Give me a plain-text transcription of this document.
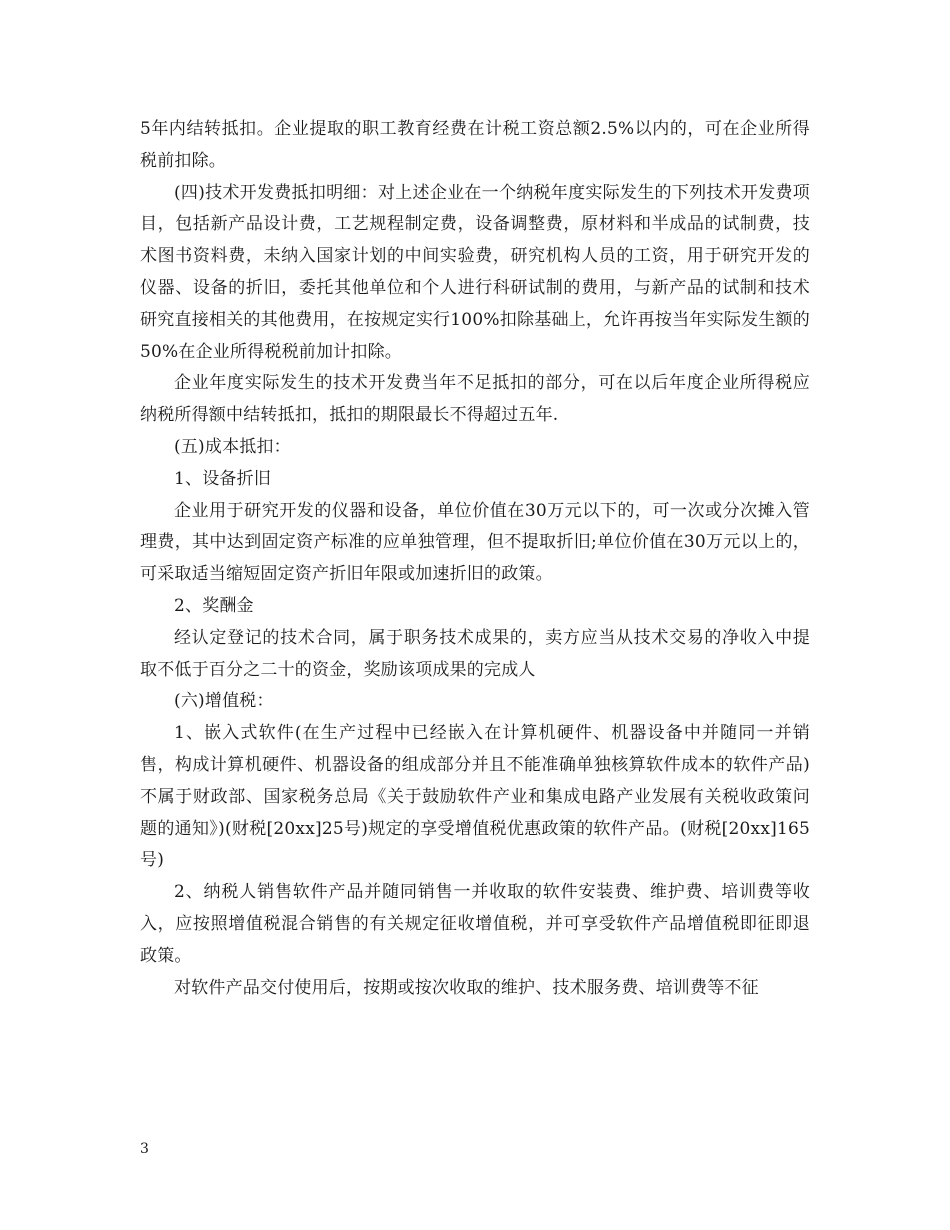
5年内结转抵扣。企业提取的职工教育经费在计税工资总额2.5%以内的，可在企业所得税前扣除。

(四)技术开发费抵扣明细：对上述企业在一个纳税年度实际发生的下列技术开发费项目，包括新产品设计费，工艺规程制定费，设备调整费，原材料和半成品的试制费，技术图书资料费，未纳入国家计划的中间实验费，研究机构人员的工资，用于研究开发的仪器、设备的折旧，委托其他单位和个人进行科研试制的费用，与新产品的试制和技术研究直接相关的其他费用，在按规定实行100%扣除基础上，允许再按当年实际发生额的50%在企业所得税税前加计扣除。

企业年度实际发生的技术开发费当年不足抵扣的部分，可在以后年度企业所得税应纳税所得额中结转抵扣，抵扣的期限最长不得超过五年.

(五)成本抵扣：

1、设备折旧

企业用于研究开发的仪器和设备，单位价值在30万元以下的，可一次或分次摊入管理费，其中达到固定资产标准的应单独管理，但不提取折旧;单位价值在30万元以上的，可采取适当缩短固定资产折旧年限或加速折旧的政策。

2、奖酬金

经认定登记的技术合同，属于职务技术成果的，卖方应当从技术交易的净收入中提取不低于百分之二十的资金，奖励该项成果的完成人

(六)增值税：

1、嵌入式软件(在生产过程中已经嵌入在计算机硬件、机器设备中并随同一并销售，构成计算机硬件、机器设备的组成部分并且不能准确单独核算软件成本的软件产品)不属于财政部、国家税务总局《关于鼓励软件产业和集成电路产业发展有关税收政策问题的通知》)(财税[20xx]25号)规定的享受增值税优惠政策的软件产品。(财税[20xx]165号)

2、纳税人销售软件产品并随同销售一并收取的软件安装费、维护费、培训费等收入，应按照增值税混合销售的有关规定征收增值税，并可享受软件产品增值税即征即退政策。

对软件产品交付使用后，按期或按次收取的维护、技术服务费、培训费等不征

3
